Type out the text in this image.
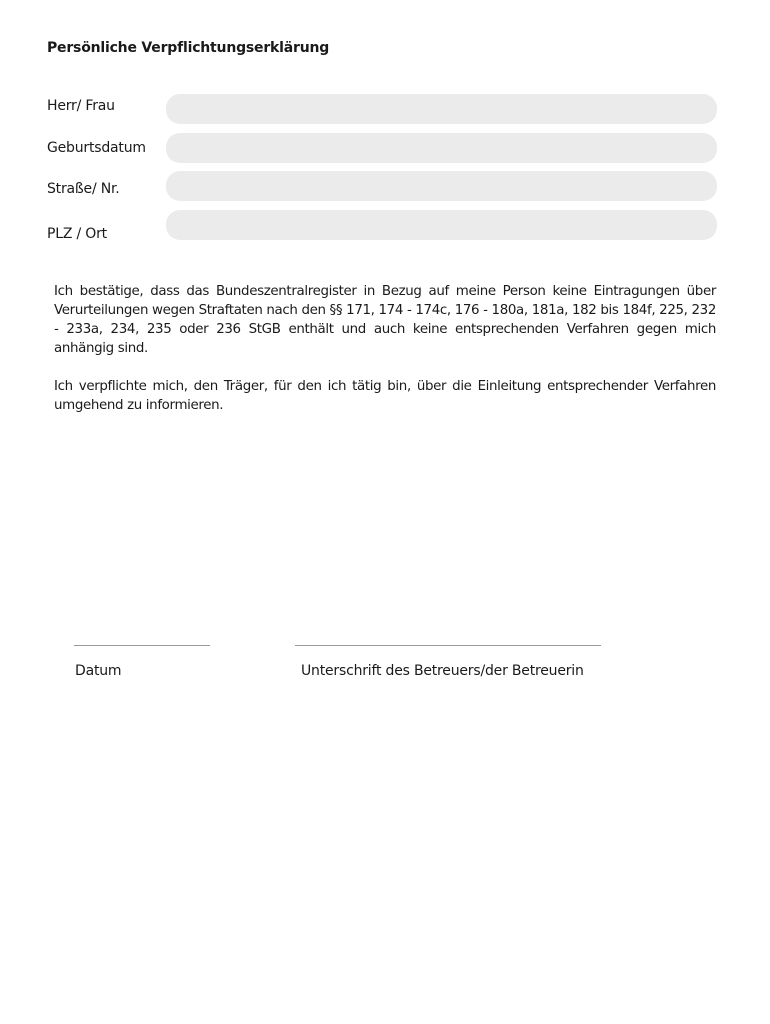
Persönliche Verpflichtungserklärung
Herr/ Frau
Geburtsdatum
Straße/ Nr.
PLZ / Ort

Ich bestätige, dass das Bundeszentralregister in Bezug auf meine Person keine Eintragungen über Verurteilungen wegen Straftaten nach den §§ 171, 174 - 174c, 176 - 180a, 181a, 182 bis 184f, 225, 232 - 233a, 234, 235 oder 236 StGB enthält und auch keine entsprechenden Verfahren gegen mich anhängig sind.

Ich verpflichte mich, den Träger, für den ich tätig bin, über die Einleitung entsprechender Verfahren umgehend zu informieren.

Datum	Unterschrift des Betreuers/der Betreuerin
